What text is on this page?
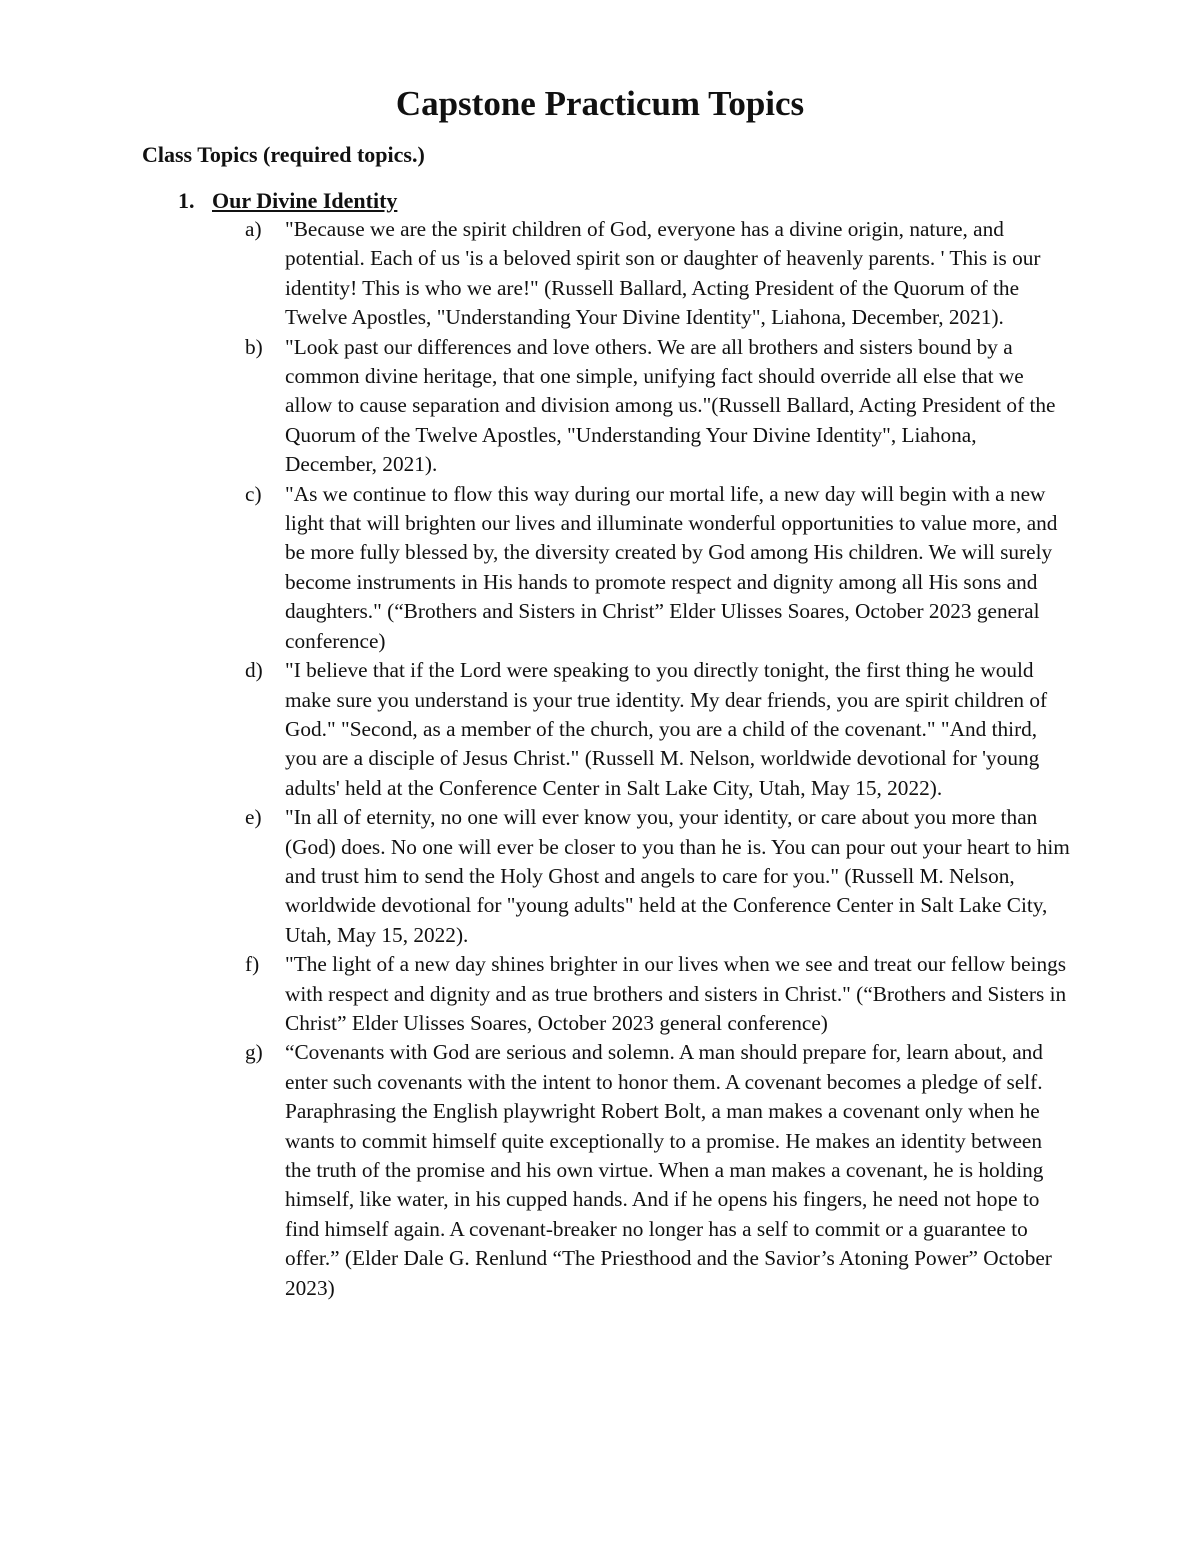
Capstone Practicum Topics
Class Topics (required topics.)
1. Our Divine Identity
a) "Because we are the spirit children of God, everyone has a divine origin, nature, and potential. Each of us 'is a beloved spirit son or daughter of heavenly parents. ' This is our identity! This is who we are!" (Russell Ballard, Acting President of the Quorum of the Twelve Apostles, "Understanding Your Divine Identity", Liahona, December, 2021).
b) "Look past our differences and love others. We are all brothers and sisters bound by a common divine heritage, that one simple, unifying fact should override all else that we allow to cause separation and division among us."(Russell Ballard, Acting President of the Quorum of the Twelve Apostles, "Understanding Your Divine Identity", Liahona, December, 2021).
c) "As we continue to flow this way during our mortal life, a new day will begin with a new light that will brighten our lives and illuminate wonderful opportunities to value more, and be more fully blessed by, the diversity created by God among His children. We will surely become instruments in His hands to promote respect and dignity among all His sons and daughters." (“Brothers and Sisters in Christ” Elder Ulisses Soares, October 2023 general conference)
d) "I believe that if the Lord were speaking to you directly tonight, the first thing he would make sure you understand is your true identity. My dear friends, you are spirit children of God." "Second, as a member of the church, you are a child of the covenant." "And third, you are a disciple of Jesus Christ." (Russell M. Nelson, worldwide devotional for 'young adults' held at the Conference Center in Salt Lake City, Utah, May 15, 2022).
e) "In all of eternity, no one will ever know you, your identity, or care about you more than (God) does. No one will ever be closer to you than he is. You can pour out your heart to him and trust him to send the Holy Ghost and angels to care for you." (Russell M. Nelson, worldwide devotional for "young adults" held at the Conference Center in Salt Lake City, Utah, May 15, 2022).
f) "The light of a new day shines brighter in our lives when we see and treat our fellow beings with respect and dignity and as true brothers and sisters in Christ." (“Brothers and Sisters in Christ” Elder Ulisses Soares, October 2023 general conference)
g) “Covenants with God are serious and solemn. A man should prepare for, learn about, and enter such covenants with the intent to honor them. A covenant becomes a pledge of self. Paraphrasing the English playwright Robert Bolt, a man makes a covenant only when he wants to commit himself quite exceptionally to a promise. He makes an identity between the truth of the promise and his own virtue. When a man makes a covenant, he is holding himself, like water, in his cupped hands. And if he opens his fingers, he need not hope to find himself again. A covenant-breaker no longer has a self to commit or a guarantee to offer.” (Elder Dale G. Renlund “The Priesthood and the Savior’s Atoning Power” October 2023)
